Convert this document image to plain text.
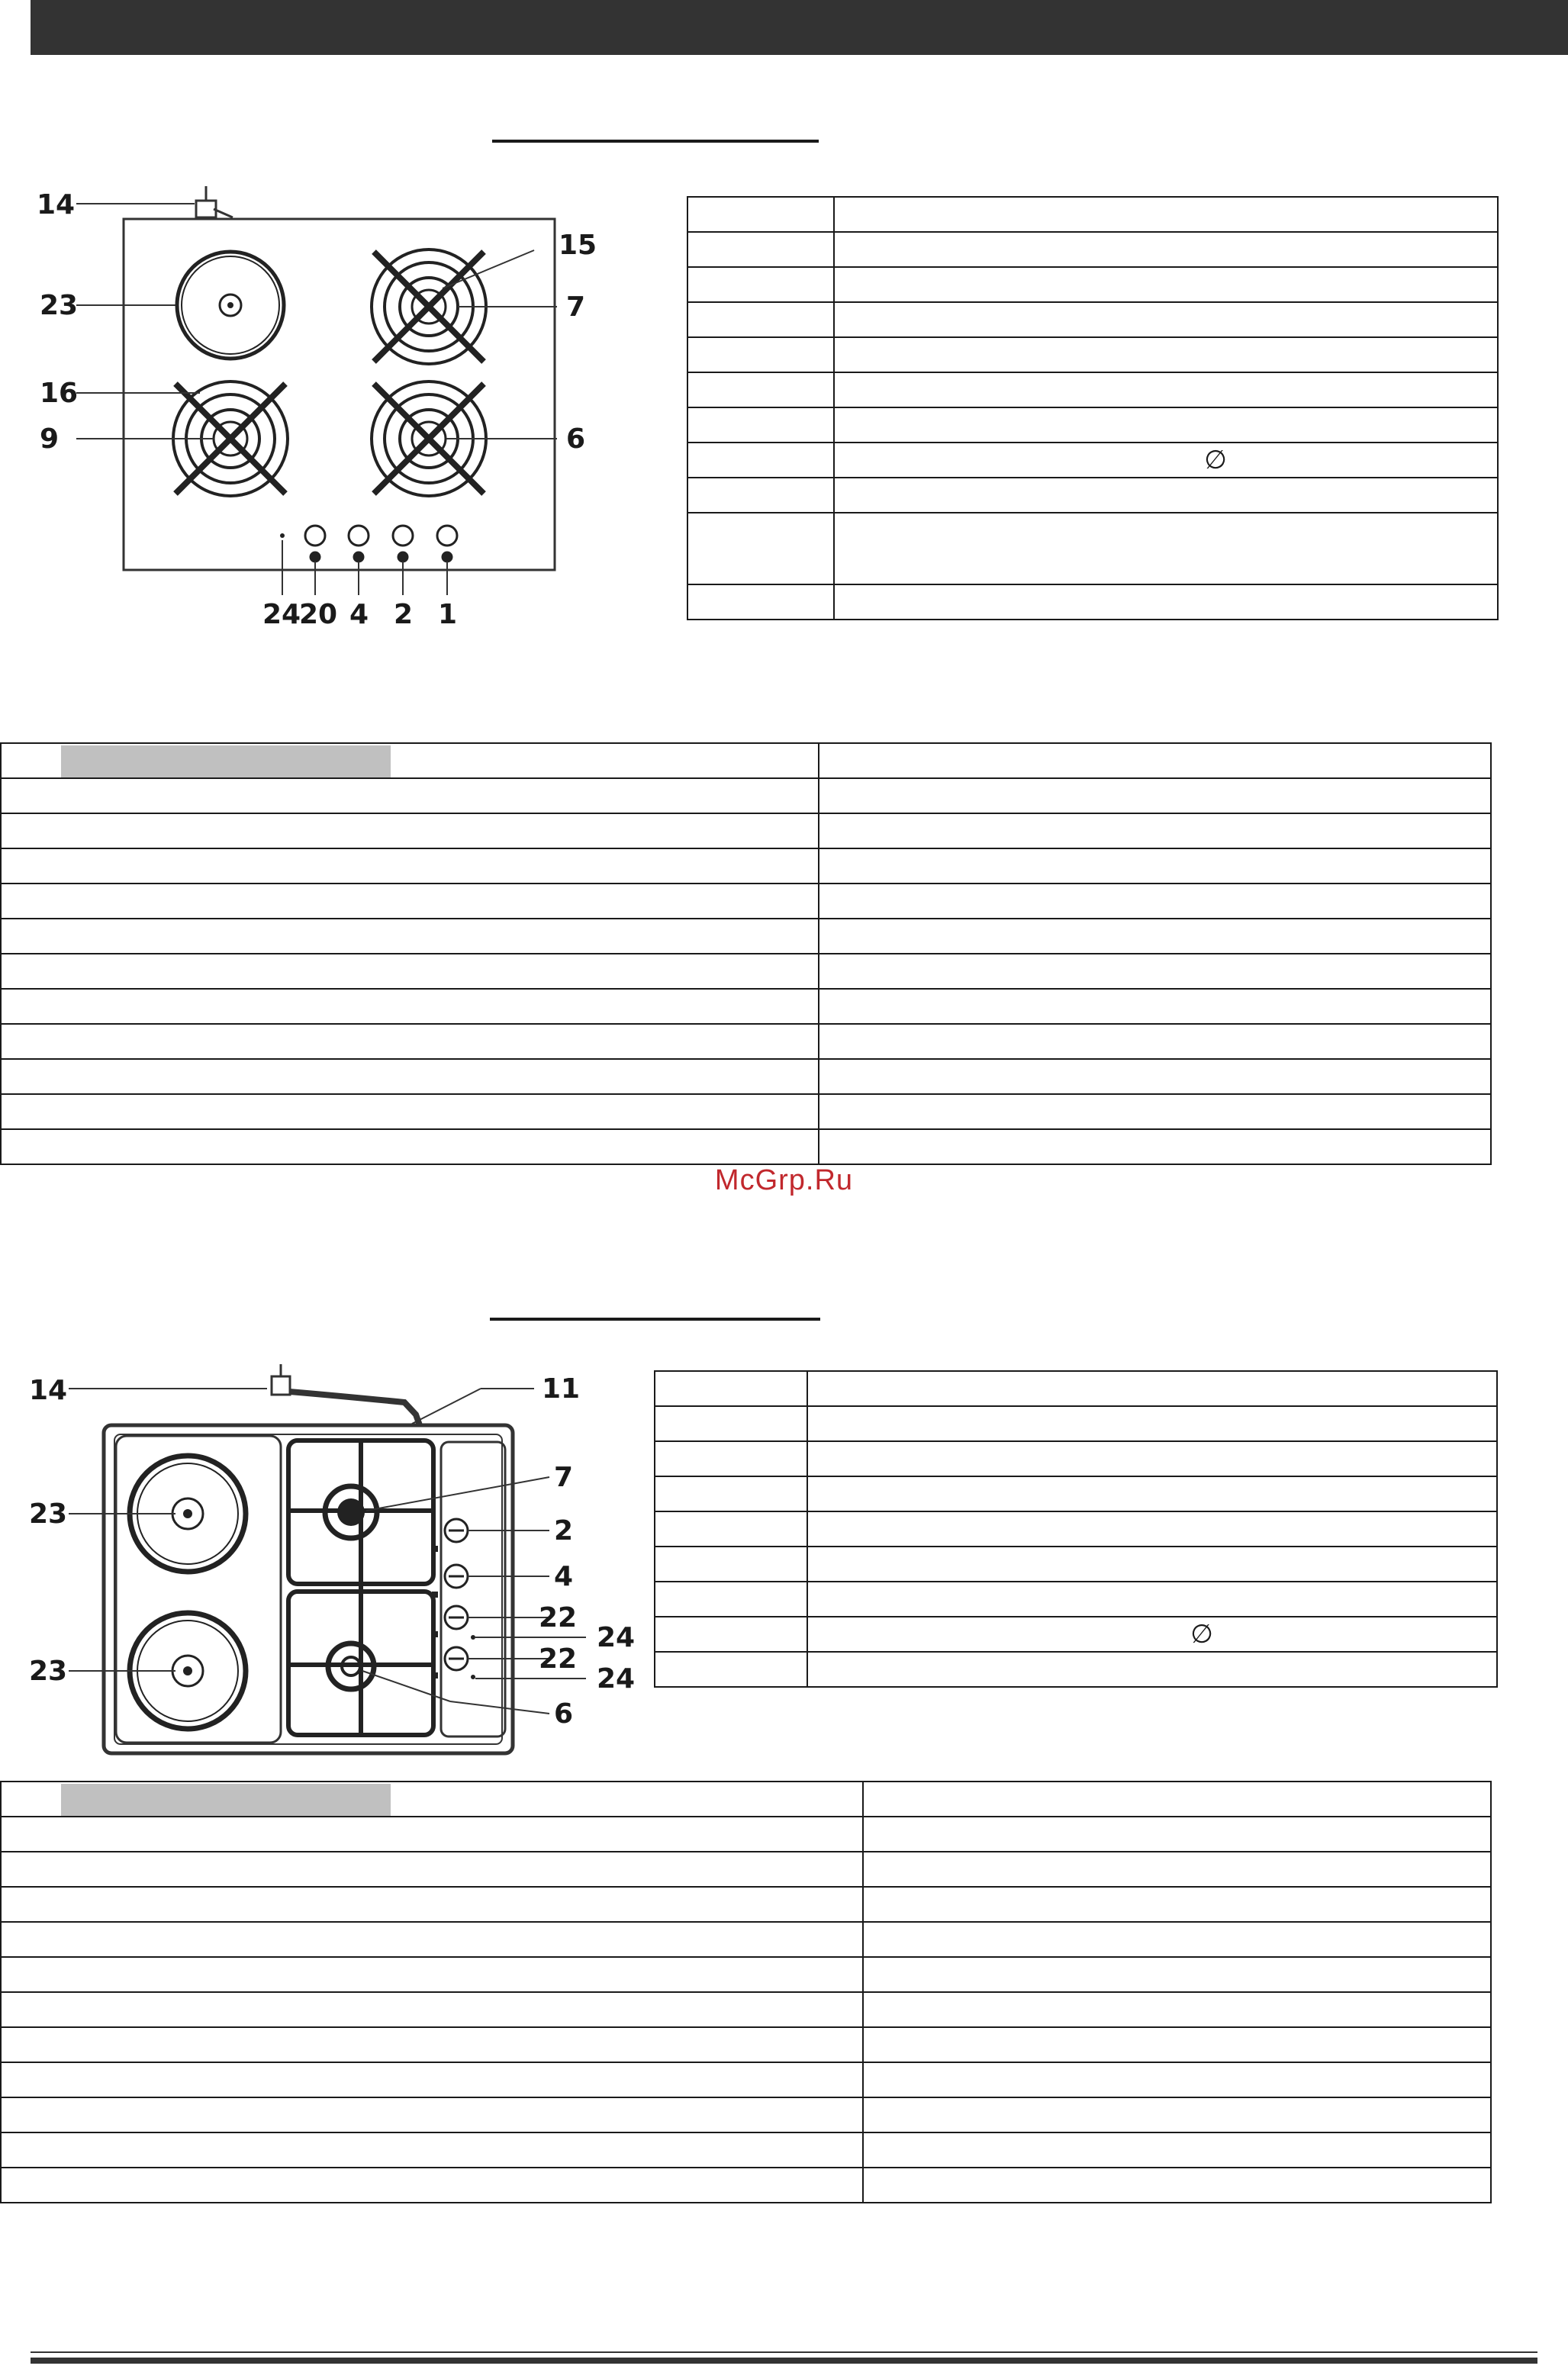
14
23
16
9
15
7
6
24
20 4 2 1

	∅

McGrp.Ru
14	11
23
23
7
2
4
22
24
22
24
6

	∅
